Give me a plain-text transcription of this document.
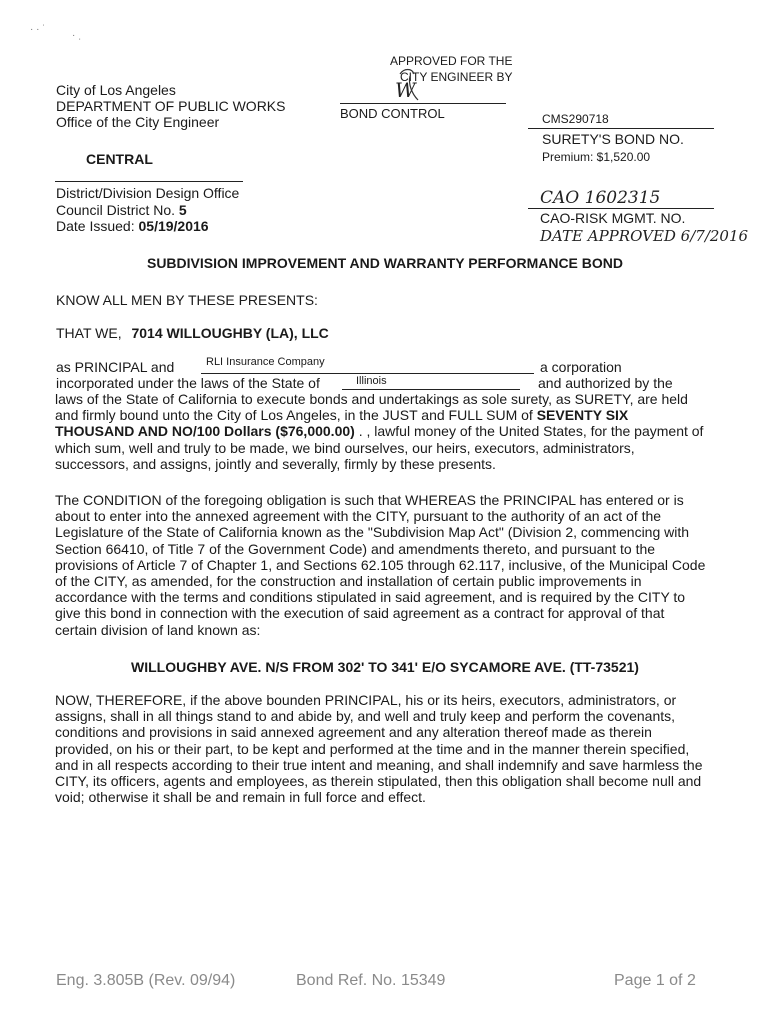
· · ˙
· ˌ
City of Los Angeles
DEPARTMENT OF PUBLIC WORKS
Office of the City Engineer
CENTRAL
District/Division Design Office
Council District No. 5
Date Issued: 05/19/2016
APPROVED FOR THE
CITY ENGINEER BY
W
BOND CONTROL	CMS290718
SURETY'S BOND NO.
Premium: $1,520.00
CAO 1602315
CAO-RISK MGMT. NO.
DATE APPROVED 6/7/2016
SUBDIVISION IMPROVEMENT AND WARRANTY PERFORMANCE BOND
KNOW ALL MEN BY THESE PRESENTS:
THAT WE, 7014 WILLOUGHBY (LA), LLC
as PRINCIPAL and	RLI Insurance Company	a corporation
incorporated under the laws of the State of	Illinois	and authorized by the
laws of the State of California to execute bonds and undertakings as sole surety, as SURETY, are held and firmly bound unto the City of Los Angeles, in the JUST and FULL SUM of SEVENTY SIX THOUSAND AND NO/100 Dollars ($76,000.00) . , lawful money of the United States, for the payment of which sum, well and truly to be made, we bind ourselves, our heirs, executors, administrators, successors, and assigns, jointly and severally, firmly by these presents.
The CONDITION of the foregoing obligation is such that WHEREAS the PRINCIPAL has entered or is about to enter into the annexed agreement with the CITY, pursuant to the authority of an act of the Legislature of the State of California known as the "Subdivision Map Act" (Division 2, commencing with Section 66410, of Title 7 of the Government Code) and amendments thereto, and pursuant to the provisions of Article 7 of Chapter 1, and Sections 62.105 through 62.117, inclusive, of the Municipal Code of the CITY, as amended, for the construction and installation of certain public improvements in accordance with the terms and conditions stipulated in said agreement, and is required by the CITY to give this bond in connection with the execution of said agreement as a contract for approval of that certain division of land known as:
WILLOUGHBY AVE. N/S FROM 302' TO 341' E/O SYCAMORE AVE. (TT-73521)
NOW, THEREFORE, if the above bounden PRINCIPAL, his or its heirs, executors, administrators, or assigns, shall in all things stand to and abide by, and well and truly keep and perform the covenants, conditions and provisions in said annexed agreement and any alteration thereof made as therein provided, on his or their part, to be kept and performed at the time and in the manner therein specified, and in all respects according to their true intent and meaning, and shall indemnify and save harmless the CITY, its officers, agents and employees, as therein stipulated, then this obligation shall become null and void; otherwise it shall be and remain in full force and effect.
Eng. 3.805B (Rev. 09/94)	Bond Ref. No. 15349	Page 1 of 2
